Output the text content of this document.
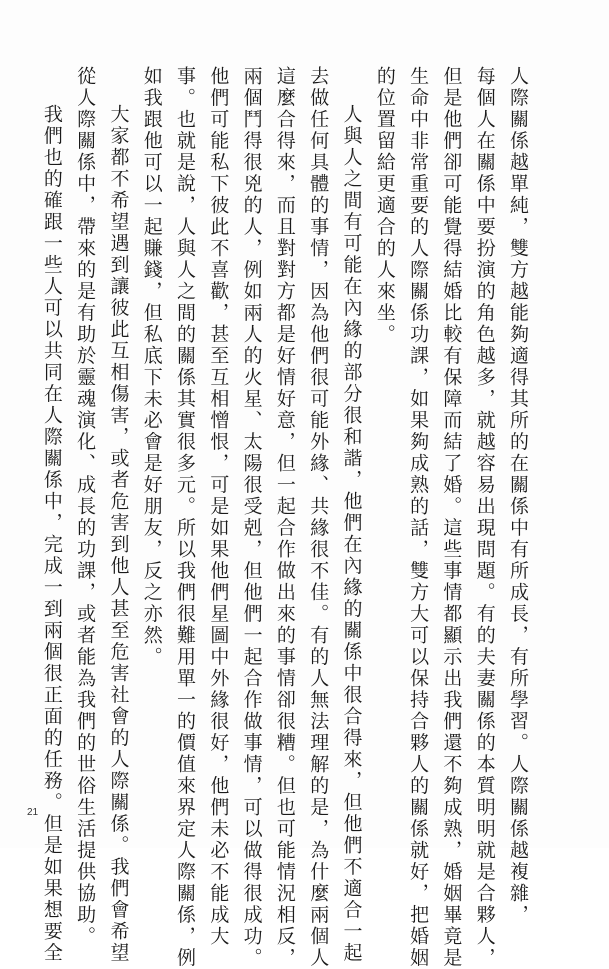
人際關係越單純，雙方越能夠適得其所的在關係中有所成長，有所學習。人際關係越複雜，
每個人在關係中要扮演的角色越多，就越容易出現問題。有的夫妻關係的本質明明就是合夥人，
但是他們卻可能覺得結婚比較有保障而結了婚。這些事情都顯示出我們還不夠成熟，婚姻畢竟是
生命中非常重要的人際關係功課，如果夠成熟的話，雙方大可以保持合夥人的關係就好，把婚姻
的位置留給更適合的人來坐。
人與人之間有可能在內緣的部分很和諧，他們在內緣的關係中很合得來，但他們不適合一起
去做任何具體的事情，因為他們很可能外緣、共緣很不佳。有的人無法理解的是，為什麼兩個人
這麼合得來，而且對對方都是好情好意，但一起合作做出來的事情卻很糟。但也可能情況相反，
兩個鬥得很兇的人，例如兩人的火星、太陽很受剋，但他們一起合作做事情，可以做得很成功。
他們可能私下彼此不喜歡，甚至互相憎恨，可是如果他們星圖中外緣很好，他們未必不能成大
事。也就是說，人與人之間的關係其實很多元。所以我們很難用單一的價值來界定人際關係，例
如我跟他可以一起賺錢，但私底下未必會是好朋友，反之亦然。
大家都不希望遇到讓彼此互相傷害，或者危害到他人甚至危害社會的人際關係。我們會希望
從人際關係中，帶來的是有助於靈魂演化、成長的功課，或者能為我們的世俗生活提供協助。
我們也的確跟一些人可以共同在人際關係中，完成一到兩個很正面的任務。但是如果想要全
21
